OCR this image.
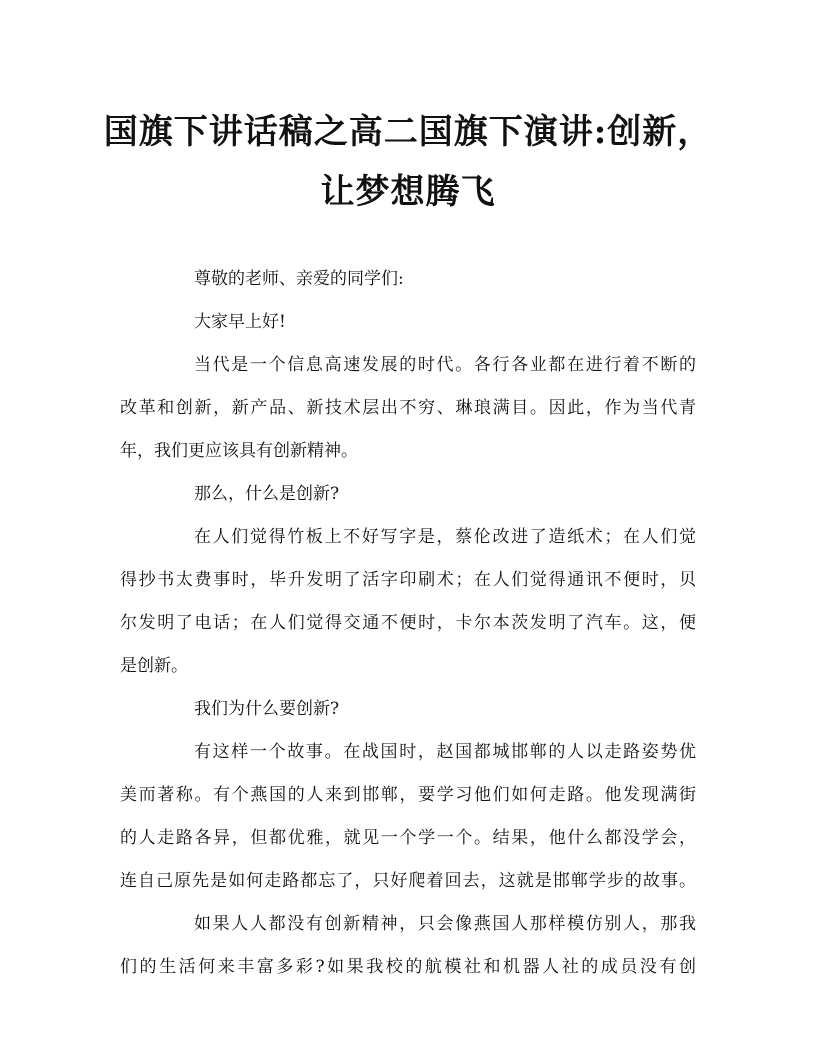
国旗下讲话稿之高二国旗下演讲:创新，
让梦想腾飞
尊敬的老师、亲爱的同学们:
大家早上好!
当代是一个信息高速发展的时代。各行各业都在进行着不断的
改革和创新，新产品、新技术层出不穷、琳琅满目。因此，作为当代青
年，我们更应该具有创新精神。
那么，什么是创新?
在人们觉得竹板上不好写字是，蔡伦改进了造纸术；在人们觉
得抄书太费事时，毕升发明了活字印刷术；在人们觉得通讯不便时，贝
尔发明了电话；在人们觉得交通不便时，卡尔本茨发明了汽车。这，便
是创新。
我们为什么要创新?
有这样一个故事。在战国时，赵国都城邯郸的人以走路姿势优
美而著称。有个燕国的人来到邯郸，要学习他们如何走路。他发现满街
的人走路各异，但都优雅，就见一个学一个。结果，他什么都没学会，
连自己原先是如何走路都忘了，只好爬着回去，这就是邯郸学步的故事。
如果人人都没有创新精神，只会像燕国人那样模仿别人，那我
们的生活何来丰富多彩?如果我校的航模社和机器人社的成员没有创
